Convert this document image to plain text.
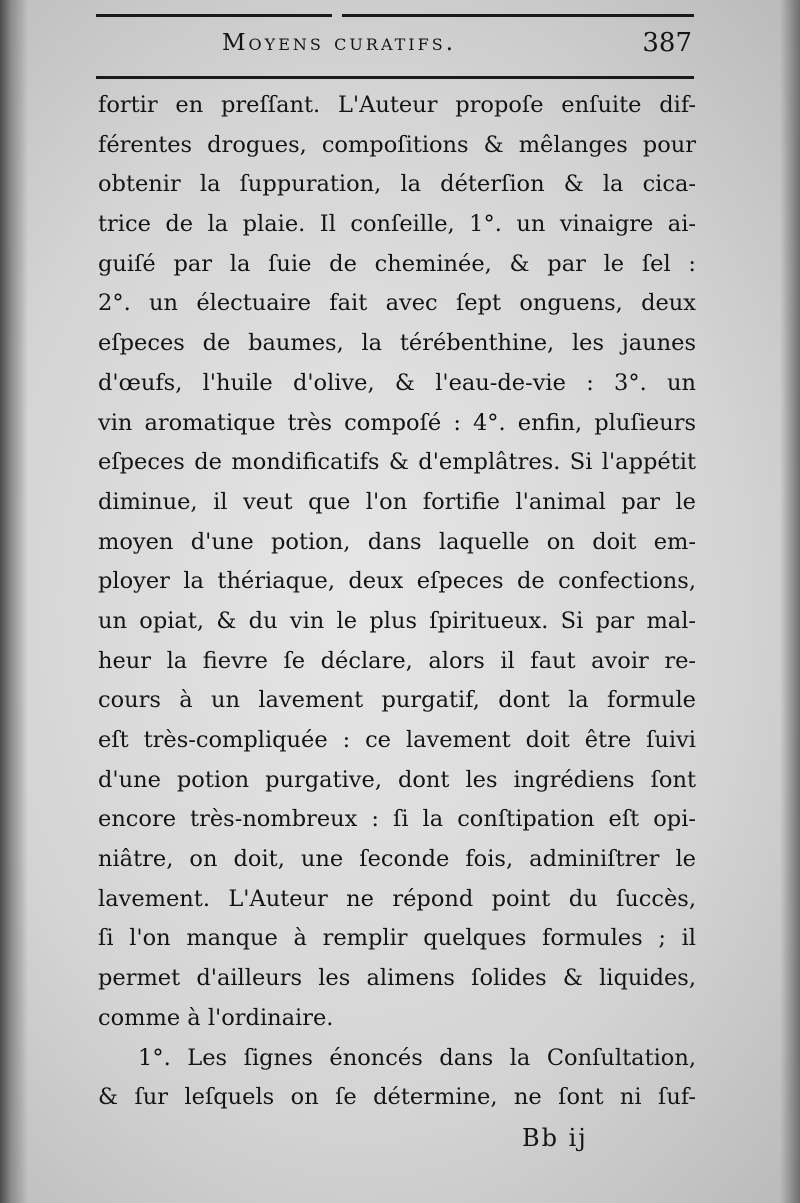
Moyens curatifs.	387
fortir en preſſant. L'Auteur propoſe enſuite dif-
férentes drogues, compoſitions & mêlanges pour
obtenir la ſuppuration, la déterſion & la cica-
trice de la plaie. Il conſeille, 1°. un vinaigre ai-
guiſé par la ſuie de cheminée, & par le ſel :
2°. un électuaire fait avec ſept onguens, deux
eſpeces de baumes, la térébenthine, les jaunes
d'œufs, l'huile d'olive, & l'eau-de-vie : 3°. un
vin aromatique très compoſé : 4°. enfin, pluſieurs
eſpeces de mondificatifs & d'emplâtres. Si l'appétit
diminue, il veut que l'on fortifie l'animal par le
moyen d'une potion, dans laquelle on doit em-
ployer la thériaque, deux eſpeces de confections,
un opiat, & du vin le plus ſpiritueux. Si par mal-
heur la fievre ſe déclare, alors il faut avoir re-
cours à un lavement purgatif, dont la formule
eſt très-compliquée : ce lavement doit être ſuivi
d'une potion purgative, dont les ingrédiens ſont
encore très-nombreux : ſi la conſtipation eſt opi-
niâtre, on doit, une ſeconde fois, adminiſtrer le
lavement. L'Auteur ne répond point du ſuccès,
ſi l'on manque à remplir quelques formules ; il
permet d'ailleurs les alimens ſolides & liquides,
comme à l'ordinaire.
1°. Les ſignes énoncés dans la Conſultation,
& ſur leſquels on ſe détermine, ne ſont ni ſuf-
Bb ij
